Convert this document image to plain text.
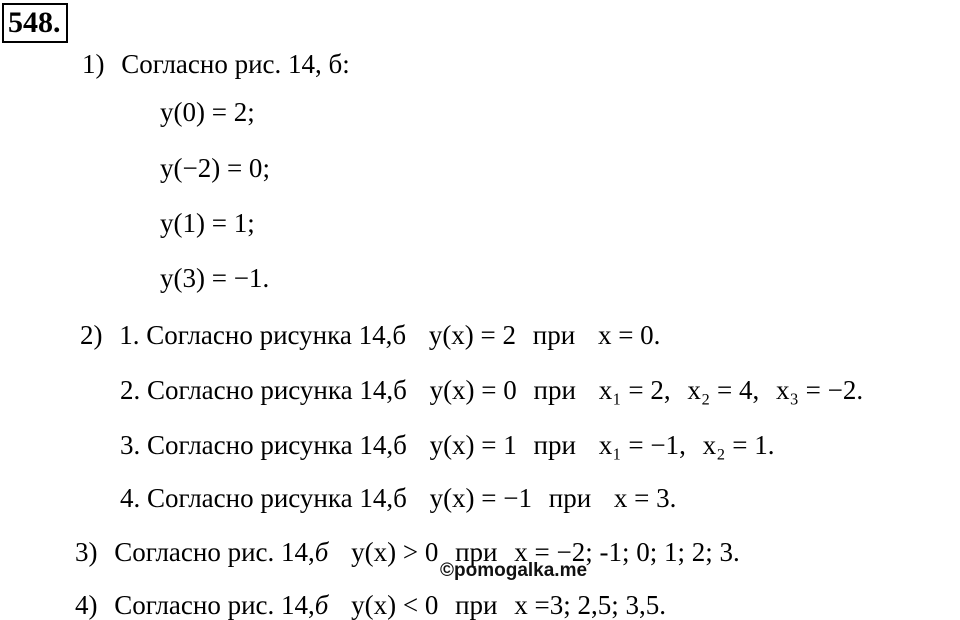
548.
1) Согласно рис. 14, б:
y(0) = 2;
y(−2) = 0;
y(1) = 1;
y(3) = −1.
2) 1. Согласно рисунка 14,б y(x) = 2 при x = 0.
2. Согласно рисунка 14,б y(x) = 0 при x₁ = 2, x₂ = 4, x₃ = −2.
3. Согласно рисунка 14,б y(x) = 1 при x₁ = −1, x₂ = 1.
4. Согласно рисунка 14,б y(x) = −1 при x = 3.
3) Согласно рис. 14,б y(x) > 0 при x = −2; -1; 0; 1; 2; 3.
©pomogalka.me
4) Согласно рис. 14,б y(x) < 0 при x =3; 2,5; 3,5.
